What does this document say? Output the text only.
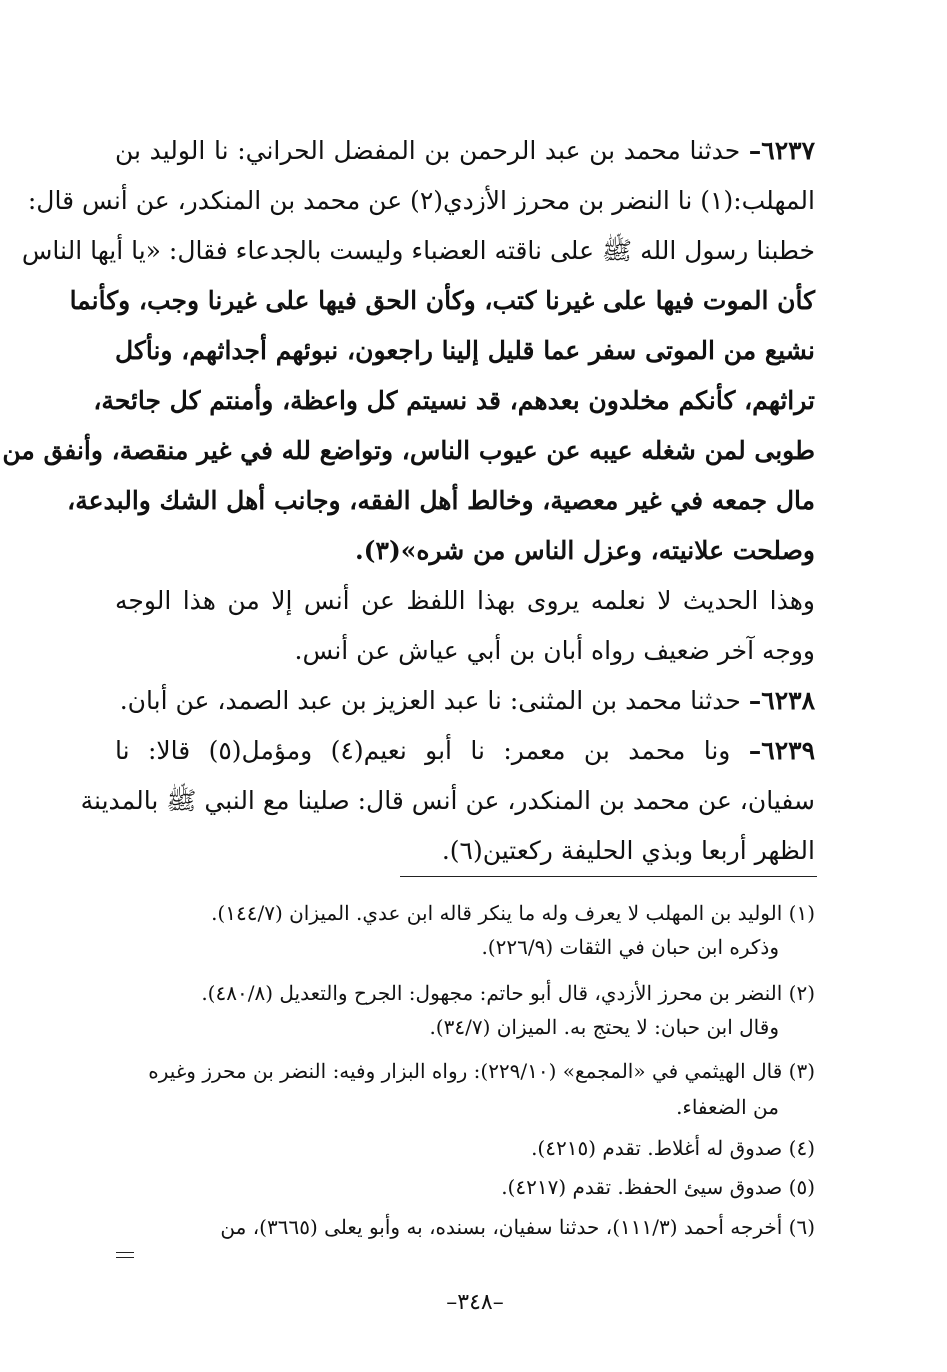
٦٢٣٧– حدثنا محمد بن عبد الرحمن بن المفضل الحراني: نا الوليد بن
المهلب:(١) نا النضر بن محرز الأزدي(٢) عن محمد بن المنكدر، عن أنس قال:
خطبنا رسول الله ﷺ على ناقته العضباء وليست بالجدعاء فقال: «يا أيها الناس
كأن الموت فيها على غيرنا كتب، وكأن الحق فيها على غيرنا وجب، وكأنما
نشيع من الموتى سفر عما قليل إلينا راجعون، نبوئهم أجداثهم، ونأكل
تراثهم، كأنكم مخلدون بعدهم، قد نسيتم كل واعظة، وأمنتم كل جائحة،
طوبى لمن شغله عيبه عن عيوب الناس، وتواضع لله في غير منقصة، وأنفق من
مال جمعه في غير معصية، وخالط أهل الفقه، وجانب أهل الشك والبدعة،
وصلحت علانيته، وعزل الناس من شره»(٣).
وهذا الحديث لا نعلمه يروى بهذا اللفظ عن أنس إلا من هذا الوجه
ووجه آخر ضعيف رواه أبان بن أبي عياش عن أنس.
٦٢٣٨– حدثنا محمد بن المثنى: نا عبد العزيز بن عبد الصمد، عن أبان.
٦٢٣٩– ونا محمد بن معمر: نا أبو نعيم(٤) ومؤمل(٥) قالا: نا
سفيان، عن محمد بن المنكدر، عن أنس قال: صلينا مع النبي ﷺ بالمدينة
الظهر أربعا وبذي الحليفة ركعتين(٦).
(١) الوليد بن المهلب لا يعرف وله ما ينكر قاله ابن عدي. الميزان (١٤٤/٧).
وذكره ابن حبان في الثقات (٢٢٦/٩).
(٢) النضر بن محرز الأزدي، قال أبو حاتم: مجهول: الجرح والتعديل (٤٨٠/٨).
وقال ابن حبان: لا يحتج به. الميزان (٣٤/٧).
(٣) قال الهيثمي في «المجمع» (٢٢٩/١٠): رواه البزار وفيه: النضر بن محرز وغيره
من الضعفاء.
(٤) صدوق له أغلاط. تقدم (٤٢١٥).
(٥) صدوق سيئ الحفظ. تقدم (٤٢١٧).
(٦) أخرجه أحمد (١١١/٣)، حدثنا سفيان، بسنده، به وأبو يعلى (٣٦٦٥)، من
–٣٤٨–
